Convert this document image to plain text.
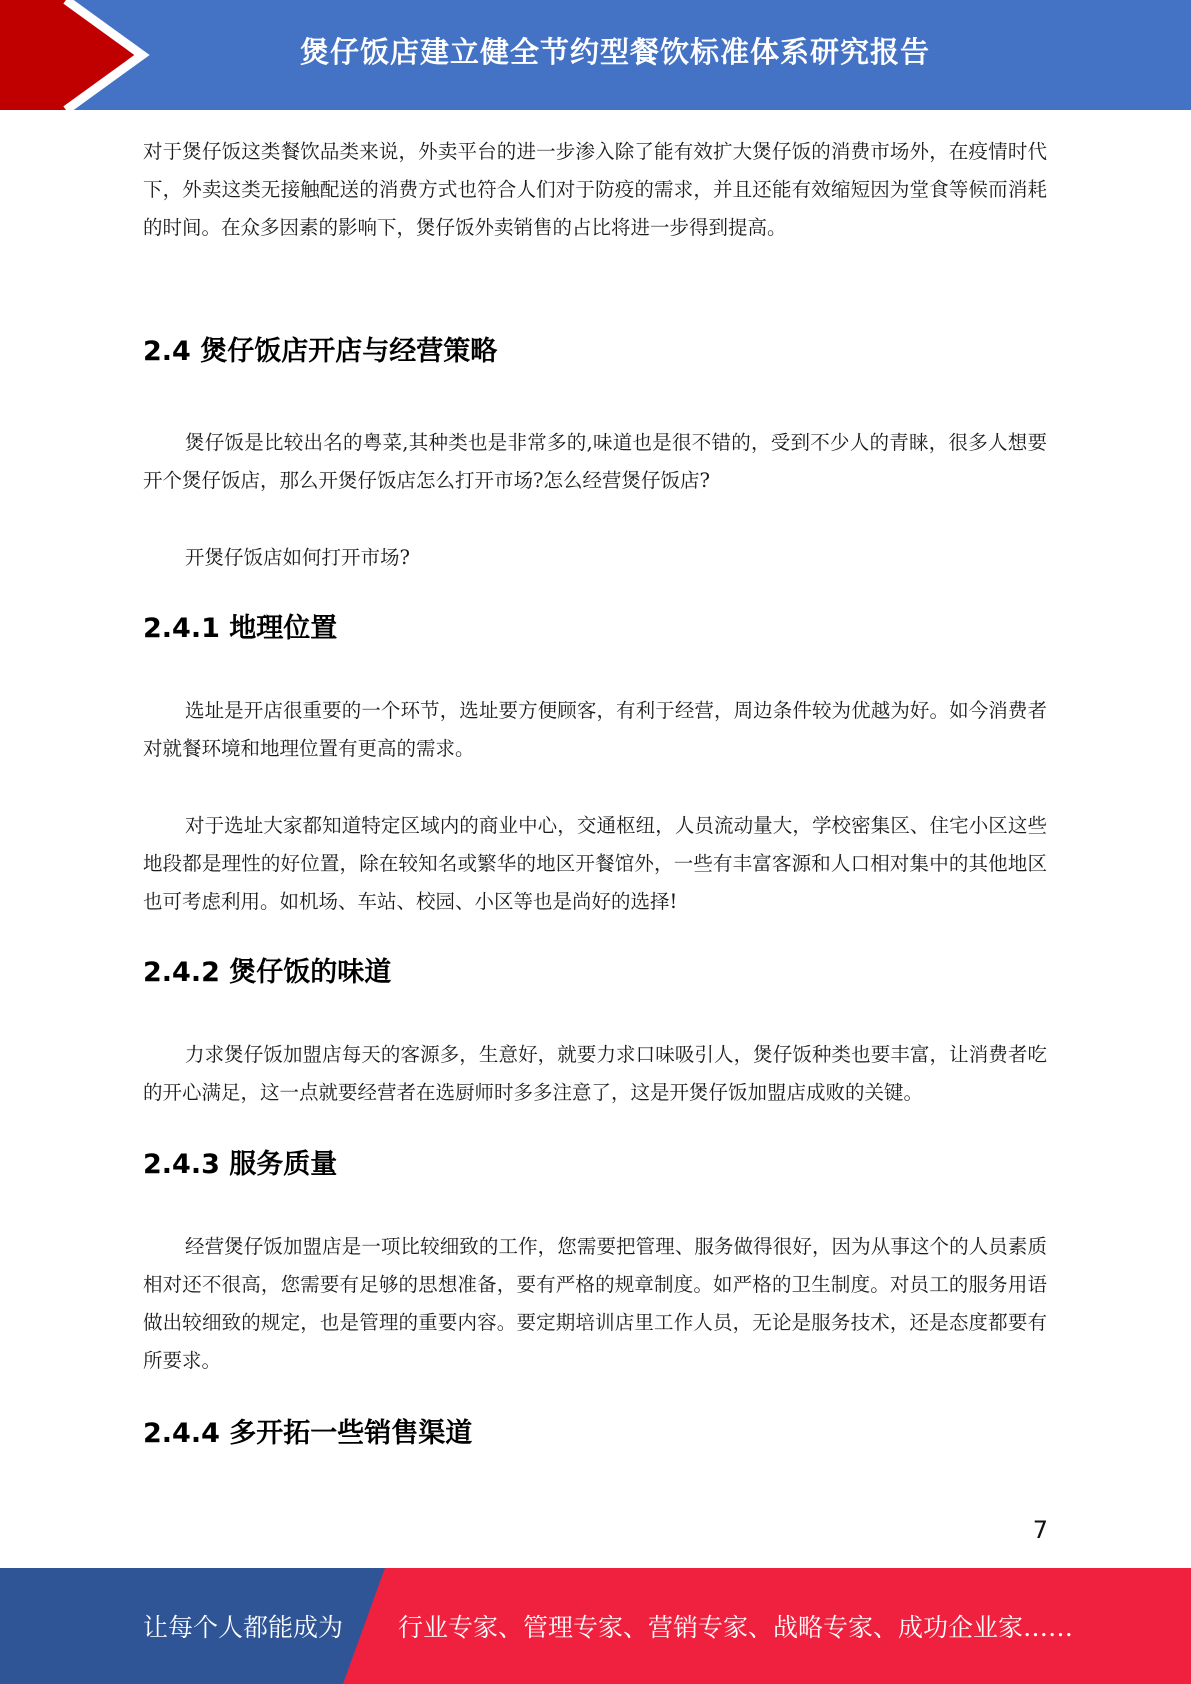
煲仔饭店建立健全节约型餐饮标准体系研究报告

对于煲仔饭这类餐饮品类来说，外卖平台的进一步渗入除了能有效扩大煲仔饭的消费市场外，在疫情时代下，外卖这类无接触配送的消费方式也符合人们对于防疫的需求，并且还能有效缩短因为堂食等候而消耗的时间。在众多因素的影响下，煲仔饭外卖销售的占比将进一步得到提高。

2.4 煲仔饭店开店与经营策略

煲仔饭是比较出名的粤菜,其种类也是非常多的,味道也是很不错的，受到不少人的青睐，很多人想要开个煲仔饭店，那么开煲仔饭店怎么打开市场?怎么经营煲仔饭店?

开煲仔饭店如何打开市场?

2.4.1 地理位置

选址是开店很重要的一个环节，选址要方便顾客，有利于经营，周边条件较为优越为好。如今消费者对就餐环境和地理位置有更高的需求。

对于选址大家都知道特定区域内的商业中心，交通枢纽，人员流动量大，学校密集区、住宅小区这些地段都是理性的好位置，除在较知名或繁华的地区开餐馆外，一些有丰富客源和人口相对集中的其他地区也可考虑利用。如机场、车站、校园、小区等也是尚好的选择!

2.4.2 煲仔饭的味道

力求煲仔饭加盟店每天的客源多，生意好，就要力求口味吸引人，煲仔饭种类也要丰富，让消费者吃的开心满足，这一点就要经营者在选厨师时多多注意了，这是开煲仔饭加盟店成败的关键。

2.4.3 服务质量

经营煲仔饭加盟店是一项比较细致的工作，您需要把管理、服务做得很好，因为从事这个的人员素质相对还不很高，您需要有足够的思想准备，要有严格的规章制度。如严格的卫生制度。对员工的服务用语做出较细致的规定，也是管理的重要内容。要定期培训店里工作人员，无论是服务技术，还是态度都要有所要求。

2.4.4 多开拓一些销售渠道
7
让每个人都能成为 行业专家、管理专家、营销专家、战略专家、成功企业家……
